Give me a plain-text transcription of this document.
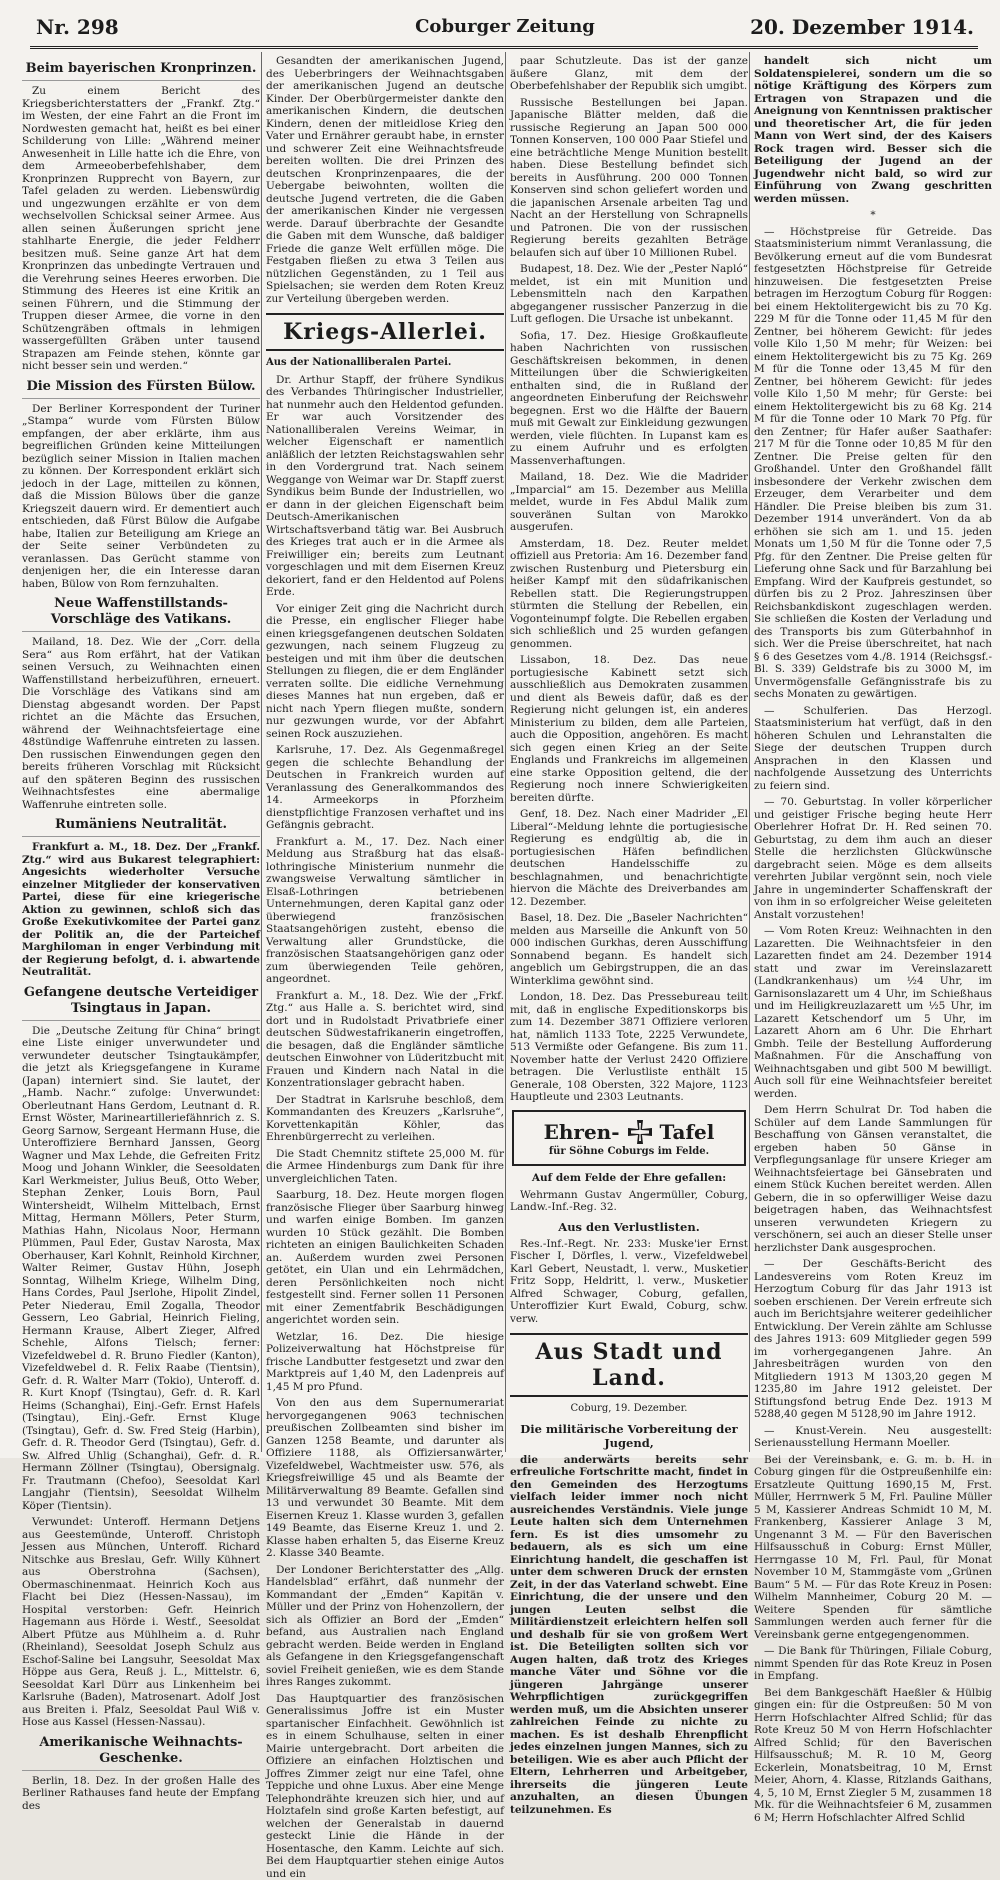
Coburger Zeitung
Nr. 298	20. Dezember 1914.
Beim bayerischen Kronprinzen.

Zu einem Bericht des Kriegsberichterstatters der „Frankf. Ztg.“ im Westen, der eine Fahrt an die Front im Nordwesten gemacht hat, heißt es bei einer Schilderung von Lille: „Während meiner Anwesenheit in Lille hatte ich die Ehre, von dem Armeeoberbefehlshaber, dem Kronprinzen Rupprecht von Bayern, zur Tafel geladen zu werden. Liebenswürdig und ungezwungen erzählte er von dem wechselvollen Schicksal seiner Armee. Aus allen seinen Äußerungen spricht jene stahlharte Energie, die jeder Feldherr besitzen muß. Seine ganze Art hat dem Kronprinzen das unbedingte Vertrauen und die Verehrung seines Heeres erworben. Die Stimmung des Heeres ist eine Kritik an seinen Führern, und die Stimmung der Truppen dieser Armee, die vorne in den Schützengräben oftmals in lehmigen wassergefüllten Gräben unter tausend Strapazen am Feinde stehen, könnte gar nicht besser sein und werden.“

Die Mission des Fürsten Bülow.

Der Berliner Korrespondent der Turiner „Stampa“ wurde vom Fürsten Bülow empfangen, der aber erklärte, ihm aus begreiflichen Gründen keine Mitteilungen bezüglich seiner Mission in Italien machen zu können. Der Korrespondent erklärt sich jedoch in der Lage, mitteilen zu können, daß die Mission Bülows über die ganze Kriegszeit dauern wird. Er dementiert auch entschieden, daß Fürst Bülow die Aufgabe habe, Italien zur Beteiligung am Kriege an der Seite seiner Verbündeten zu veranlassen. Das Gerücht stamme von denjenigen her, die ein Interesse daran haben, Bülow von Rom fernzuhalten.

Neue Waffenstillstands-Vorschläge des Vatikans.

Mailand, 18. Dez. Wie der „Corr. della Sera“ aus Rom erfährt, hat der Vatikan seinen Versuch, zu Weihnachten einen Waffenstillstand herbeizuführen, erneuert. Die Vorschläge des Vatikans sind am Dienstag abgesandt worden. Der Papst richtet an die Mächte das Ersuchen, während der Weihnachtsfeiertage eine 48stündige Waffenruhe eintreten zu lassen. Den russischen Einwendungen gegen den bereits früheren Vorschlag mit Rücksicht auf den späteren Beginn des russischen Weihnachtsfestes eine abermalige Waffenruhe eintreten solle.

Rumäniens Neutralität.

Frankfurt a. M., 18. Dez. Der „Frankf. Ztg.“ wird aus Bukarest telegraphiert: Angesichts wiederholter Versuche einzelner Mitglieder der konservativen Partei, diese für eine kriegerische Aktion zu gewinnen, schloß sich das Große Exekutivkomitee der Partei ganz der Politik an, die der Parteichef Marghiloman in enger Verbindung mit der Regierung befolgt, d. i. abwartende Neutralität.

Gefangene deutsche Verteidiger Tsingtaus in Japan.

Die „Deutsche Zeitung für China“ bringt eine Liste einiger unverwundeter und verwundeter deutscher Tsingtaukämpfer, die jetzt als Kriegsgefangene in Kurame (Japan) interniert sind. Sie lautet, der „Hamb. Nachr.“ zufolge: Unverwundet: Oberleutnant Hans Gerdom, Leutnant d. R. Ernst Wöster, Marineartilleriefähnrich z. S. Georg Sarnow, Sergeant Hermann Huse, die Unteroffiziere Bernhard Janssen, Georg Wagner und Max Lehde, die Gefreiten Fritz Moog und Johann Winkler, die Seesoldaten Karl Werkmeister, Julius Beuß, Otto Weber, Stephan Zenker, Louis Born, Paul Wintersheidt, Wilhelm Mittelbach, Ernst Mittag, Hermann Möllers, Peter Sturm, Mathias Hahn, Nicolaus Noor, Hermann Plümmen, Paul Eder, Gustav Narosta, Max Oberhauser, Karl Kohnlt, Reinhold Kirchner, Walter Reimer, Gustav Hühn, Joseph Sonntag, Wilhelm Kriege, Wilhelm Ding, Hans Cordes, Paul Jserlohe, Hipolit Zindel, Peter Niederau, Emil Zogalla, Theodor Gessern, Leo Gabrial, Heinrich Fieling, Hermann Krause, Albert Zieger, Alfred Schehle, Alfons Tielsch; ferner: Vizefeldwebel d. R. Bruno Fiedler (Kanton), Vizefeldwebel d. R. Felix Raabe (Tientsin), Gefr. d. R. Walter Marr (Tokio), Unteroff. d. R. Kurt Knopf (Tsingtau), Gefr. d. R. Karl Heims (Schanghai), Einj.-Gefr. Ernst Hafels (Tsingtau), Einj.-Gefr. Ernst Kluge (Tsingtau), Gefr. d. Sw. Fred Steig (Harbin), Gefr. d. R. Theodor Gerd (Tsingtau), Gefr. d. Sw. Alfred Uhlig (Schanghai), Gefr. d. R. Hermann Zöllner (Tsingtau), Obersignalg. Fr. Trautmann (Chefoo), Seesoldat Karl Langjahr (Tientsin), Seesoldat Wilhelm Köper (Tientsin).

Verwundet: Unteroff. Hermann Detjens aus Geestemünde, Unteroff. Christoph Jessen aus München, Unteroff. Richard Nitschke aus Breslau, Gefr. Willy Kühnert aus Oberstrohna (Sachsen), Obermaschinenmaat. Heinrich Koch aus Flacht bei Diez (Hessen-Nassau), im Hospital verstorben: Gefr. Heinrich Hagemann aus Hörde i. Westf., Seesoldat Albert Pfütze aus Mühlheim a. d. Ruhr (Rheinland), Seesoldat Joseph Schulz aus Eschof-Saline bei Langsuhr, Seesoldat Max Höppe aus Gera, Reuß j. L., Mittelstr. 6, Seesoldat Karl Dürr aus Linkenheim bei Karlsruhe (Baden), Matrosenart. Adolf Jost aus Breiten i. Pfalz, Seesoldat Paul Wiß v. Hose aus Kassel (Hessen-Nassau).

Amerikanische Weihnachts-Geschenke.

Berlin, 18. Dez. In der großen Halle des Berliner Rathauses fand heute der Empfang des

Gesandten der amerikanischen Jugend, des Ueberbringers der Weihnachtsgaben der amerikanischen Jugend an deutsche Kinder. Der Oberbürgermeister dankte den amerikanischen Kindern, die deutschen Kindern, denen der mitleidlose Krieg den Vater und Ernährer geraubt habe, in ernster und schwerer Zeit eine Weihnachtsfreude bereiten wollten. Die drei Prinzen des deutschen Kronprinzenpaares, die der Uebergabe beiwohnten, wollten die deutsche Jugend vertreten, die die Gaben der amerikanischen Kinder nie vergessen werde. Darauf überbrachte der Gesandte die Gaben mit dem Wunsche, daß baldiger Friede die ganze Welt erfüllen möge. Die Festgaben fließen zu etwa 3 Teilen aus nützlichen Gegenständen, zu 1 Teil aus Spielsachen; sie werden dem Roten Kreuz zur Verteilung übergeben werden.

Kriegs-Allerlei.
Aus der Nationalliberalen Partei.

Dr. Arthur Stapff, der frühere Syndikus des Verbandes Thüringischer Industrieller, hat nunmehr auch den Heldentod gefunden. Er war auch Vorsitzender des Nationalliberalen Vereins Weimar, in welcher Eigenschaft er namentlich anläßlich der letzten Reichstagswahlen sehr in den Vordergrund trat. Nach seinem Weggange von Weimar war Dr. Stapff zuerst Syndikus beim Bunde der Industriellen, wo er dann in der gleichen Eigenschaft beim Deutsch-Amerikanischen Wirtschaftsverband tätig war. Bei Ausbruch des Krieges trat auch er in die Armee als Freiwilliger ein; bereits zum Leutnant vorgeschlagen und mit dem Eisernen Kreuz dekoriert, fand er den Heldentod auf Polens Erde.

Vor einiger Zeit ging die Nachricht durch die Presse, ein englischer Flieger habe einen kriegsgefangenen deutschen Soldaten gezwungen, nach seinem Flugzeug zu besteigen und mit ihm über die deutschen Stellungen zu fliegen, die er dem Engländer verraten sollte. Die eidliche Vernehmung dieses Mannes hat nun ergeben, daß er nicht nach Ypern fliegen mußte, sondern nur gezwungen wurde, vor der Abfahrt seinen Rock auszuziehen.

Karlsruhe, 17. Dez. Als Gegenmaßregel gegen die schlechte Behandlung der Deutschen in Frankreich wurden auf Veranlassung des Generalkommandos des 14. Armeekorps in Pforzheim dienstpflichtige Franzosen verhaftet und ins Gefängnis gebracht.

Frankfurt a. M., 17. Dez. Nach einer Meldung aus Straßburg hat das elsaß-lothringische Ministerium nunmehr die zwangsweise Verwaltung sämtlicher in Elsaß-Lothringen betriebenen Unternehmungen, deren Kapital ganz oder überwiegend französischen Staatsangehörigen zusteht, ebenso die Verwaltung aller Grundstücke, die französischen Staatsangehörigen ganz oder zum überwiegenden Teile gehören, angeordnet.

Frankfurt a. M., 18. Dez. Wie der „Frkf. Ztg.“ aus Halle a. S. berichtet wird, sind dort und in Rudolstadt Privatbriefe einer deutschen Südwestafrikanerin eingetroffen, die besagen, daß die Engländer sämtliche deutschen Einwohner von Lüderitzbucht mit Frauen und Kindern nach Natal in die Konzentrationslager gebracht haben.

Der Stadtrat in Karlsruhe beschloß, dem Kommandanten des Kreuzers „Karlsruhe“, Korvettenkapitän Köhler, das Ehrenbürgerrecht zu verleihen.

Die Stadt Chemnitz stiftete 25,000 M. für die Armee Hindenburgs zum Dank für ihre unvergleichlichen Taten.

Saarburg, 18. Dez. Heute morgen flogen französische Flieger über Saarburg hinweg und warfen einige Bomben. Im ganzen wurden 10 Stück gezählt. Die Bomben richteten an einigen Baulichkeiten Schaden an. Außerdem wurden zwei Personen getötet, ein Ulan und ein Lehrmädchen, deren Persönlichkeiten noch nicht festgestellt sind. Ferner sollen 11 Personen mit einer Zementfabrik Beschädigungen angerichtet worden sein.

Wetzlar, 16. Dez. Die hiesige Polizeiverwaltung hat Höchstpreise für frische Landbutter festgesetzt und zwar den Marktpreis auf 1,40 M, den Ladenpreis auf 1,45 M pro Pfund.

Von den aus dem Supernumerariat hervorgegangenen 9063 technischen preußischen Zollbeamten sind bisher im Ganzen 1258 Beamte, und darunter als Offiziere 1188, als Offiziersanwärter, Vizefeldwebel, Wachtmeister usw. 576, als Kriegsfreiwillige 45 und als Beamte der Militärverwaltung 89 Beamte. Gefallen sind 13 und verwundet 30 Beamte. Mit dem Eisernen Kreuz 1. Klasse wurden 3, gefallen 149 Beamte, das Eiserne Kreuz 1. und 2. Klasse haben erhalten 5, das Eiserne Kreuz 2. Klasse 340 Beamte.

Der Londoner Berichterstatter des „Allg. Handelsblad“ erfährt, daß nunmehr der Kommandant der „Emden“ Kapitän v. Müller und der Prinz von Hohenzollern, der sich als Offizier an Bord der „Emden“ befand, aus Australien nach England gebracht werden. Beide werden in England als Gefangene in den Kriegsgefangenschaft soviel Freiheit genießen, wie es dem Stande ihres Ranges zukommt.

Das Hauptquartier des französischen Generalissimus Joffre ist ein Muster spartanischer Einfachheit. Gewöhnlich ist es in einem Schulhause, selten in einer Mairie untergebracht. Dort arbeiten die Offiziere an einfachen Holztischen und Joffres Zimmer zeigt nur eine Tafel, ohne Teppiche und ohne Luxus. Aber eine Menge Telephondrähte kreuzen sich hier, und auf Holztafeln sind große Karten befestigt, auf welchen der Generalstab in dauernd gesteckt Linie die Hände in der Hosentasche, den Kamm. Leichte auf sich. Bei dem Hauptquartier stehen einige Autos und ein

paar Schutzleute. Das ist der ganze äußere Glanz, mit dem der Oberbefehlshaber der Republik sich umgibt.

Russische Bestellungen bei Japan. Japanische Blätter melden, daß die russische Regierung an Japan 500 000 Tonnen Konserven, 100 000 Paar Stiefel und eine beträchtliche Menge Munition bestellt haben. Diese Bestellung befindet sich bereits in Ausführung. 200 000 Tonnen Konserven sind schon geliefert worden und die japanischen Arsenale arbeiten Tag und Nacht an der Herstellung von Schrapnells und Patronen. Die von der russischen Regierung bereits gezahlten Beträge belaufen sich auf über 10 Millionen Rubel.

Budapest, 18. Dez. Wie der „Pester Napló“ meldet, ist ein mit Munition und Lebensmitteln nach den Karpathen abgegangener russischer Panzerzug in die Luft geflogen. Die Ursache ist unbekannt.

Sofia, 17. Dez. Hiesige Großkaufleute haben Nachrichten von russischen Geschäftskreisen bekommen, in denen Mitteilungen über die Schwierigkeiten enthalten sind, die in Rußland der angeordneten Einberufung der Reichswehr begegnen. Erst wo die Hälfte der Bauern muß mit Gewalt zur Einkleidung gezwungen werden, viele flüchten. In Lupanst kam es zu einem Aufruhr und es erfolgten Massenverhaftungen.

Mailand, 18. Dez. Wie die Madrider „Imparcial“ am 15. Dezember aus Melilla meldet, wurde in Fes Abdul Malik zum souveränen Sultan von Marokko ausgerufen.

Amsterdam, 18. Dez. Reuter meldet offiziell aus Pretoria: Am 16. Dezember fand zwischen Rustenburg und Pietersburg ein heißer Kampf mit den südafrikanischen Rebellen statt. Die Regierungstruppen stürmten die Stellung der Rebellen, ein Vogonteinumpf folgte. Die Rebellen ergaben sich schließlich und 25 wurden gefangen genommen.

Lissabon, 18. Dez. Das neue portugiesische Kabinett setzt sich ausschließlich aus Demokraten zusammen und dient als Beweis dafür, daß es der Regierung nicht gelungen ist, ein anderes Ministerium zu bilden, dem alle Parteien, auch die Opposition, angehören. Es macht sich gegen einen Krieg an der Seite Englands und Frankreichs im allgemeinen eine starke Opposition geltend, die der Regierung noch innere Schwierigkeiten bereiten dürfte.

Genf, 18. Dez. Nach einer Madrider „El Liberal“-Meldung lehnte die portugiesische Regierung es endgültig ab, die in portugiesischen Häfen befindlichen deutschen Handelsschiffe zu beschlagnahmen, und benachrichtigte hiervon die Mächte des Dreiverbandes am 12. Dezember.

Basel, 18. Dez. Die „Baseler Nachrichten“ melden aus Marseille die Ankunft von 50 000 indischen Gurkhas, deren Ausschiffung Sonnabend begann. Es handelt sich angeblich um Gebirgstruppen, die an das Winterklima gewöhnt sind.

London, 18. Dez. Das Pressebureau teilt mit, daß in englische Expeditionskorps bis zum 14. Dezember 3871 Offiziere verloren hat, nämlich 1133 Tote, 2225 Verwundete, 513 Vermißte oder Gefangene. Bis zum 11. November hatte der Verlust 2420 Offiziere betragen. Die Verlustliste enthält 15 Generale, 108 Obersten, 322 Majore, 1123 Hauptleute und 2303 Leutnants.

Ehren- Tafel
für Söhne Coburgs im Felde.

Auf dem Felde der Ehre gefallen:

Wehrmann Gustav Angermüller, Coburg, Landw.-Inf.-Reg. 32.

Aus den Verlustlisten.

Res.-Inf.-Regt. Nr. 233: Muske'ier Ernst Fischer I, Dörfles, l. verw., Vizefeldwebel Karl Gebert, Neustadt, l. verw., Musketier Fritz Sopp, Heldritt, l. verw., Musketier Alfred Schwager, Coburg, gefallen, Unteroffizier Kurt Ewald, Coburg, schw. verw.

Aus Stadt und Land.
Coburg, 19. Dezember.
Die militärische Vorbereitung der Jugend,

die anderwärts bereits sehr erfreuliche Fortschritte macht, findet in den Gemeinden des Herzogtums vielfach leider immer noch nicht ausreichendes Verständnis. Viele junge Leute halten sich dem Unternehmen fern. Es ist dies umsomehr zu bedauern, als es sich um eine Einrichtung handelt, die geschaffen ist unter dem schweren Druck der ernsten Zeit, in der das Vaterland schwebt. Eine Einrichtung, die der unsere und den jungen Leuten selbst die Militärdienstzeit erleichtern helfen soll und deshalb für sie von großem Wert ist. Die Beteiligten sollten sich vor Augen halten, daß trotz des Krieges manche Väter und Söhne vor die jüngeren Jahrgänge unserer Wehrpflichtigen zurückgegriffen werden muß, um die Absichten unserer zahlreichen Feinde zu nichte zu machen. Es ist deshalb Ehrenpflicht jedes einzelnen jungen Mannes, sich zu beteiligen. Wie es aber auch Pflicht der Eltern, Lehrherren und Arbeitgeber, ihrerseits die jüngeren Leute anzuhalten, an diesen Übungen teilzunehmen. Es

handelt sich nicht um Soldatenspielerei, sondern um die so nötige Kräftigung des Körpers zum Ertragen von Strapazen und die Aneignung von Kenntnissen praktischer und theoretischer Art, die für jeden Mann von Wert sind, der des Kaisers Rock tragen wird. Besser sich die Beteiligung der Jugend an der Jugendwehr nicht bald, so wird zur Einführung von Zwang geschritten werden müssen.

*

— Höchstpreise für Getreide. Das Staatsministerium nimmt Veranlassung, die Bevölkerung erneut auf die vom Bundesrat festgesetzten Höchstpreise für Getreide hinzuweisen. Die festgesetzten Preise betragen im Herzogtum Coburg für Roggen: bei einem Hektolitergewicht bis zu 70 Kg. 229 M für die Tonne oder 11,45 M für den Zentner, bei höherem Gewicht: für jedes volle Kilo 1,50 M mehr; für Weizen: bei einem Hektolitergewicht bis zu 75 Kg. 269 M für die Tonne oder 13,45 M für den Zentner, bei höherem Gewicht: für jedes volle Kilo 1,50 M mehr; für Gerste: bei einem Hektolitergewicht bis zu 68 Kg. 214 M für die Tonne oder 10 Mark 70 Pfg. für den Zentner; für Hafer außer Saathafer: 217 M für die Tonne oder 10,85 M für den Zentner. Die Preise gelten für den Großhandel. Unter den Großhandel fällt insbesondere der Verkehr zwischen dem Erzeuger, dem Verarbeiter und dem Händler. Die Preise bleiben bis zum 31. Dezember 1914 unverändert. Von da ab erhöhen sie sich am 1. und 15. jeden Monats um 1,50 M für die Tonne oder 7,5 Pfg. für den Zentner. Die Preise gelten für Lieferung ohne Sack und für Barzahlung bei Empfang. Wird der Kaufpreis gestundet, so dürfen bis zu 2 Proz. Jahreszinsen über Reichsbankdiskont zugeschlagen werden. Sie schließen die Kosten der Verladung und des Transports bis zum Güterbahnhof in sich. Wer die Preise überschreitet, hat nach § 6 des Gesetzes vom 4./8. 1914 (Reichsgsf.-Bl. S. 339) Geldstrafe bis zu 3000 M, im Unvermögensfalle Gefängnisstrafe bis zu sechs Monaten zu gewärtigen.

— Schulferien. Das Herzogl. Staatsministerium hat verfügt, daß in den höheren Schulen und Lehranstalten die Siege der deutschen Truppen durch Ansprachen in den Klassen und nachfolgende Aussetzung des Unterrichts zu feiern sind.

— 70. Geburtstag. In voller körperlicher und geistiger Frische beging heute Herr Oberlehrer Hofrat Dr. H. Red seinen 70. Geburtstag, zu dem ihm auch an dieser Stelle die herzlichsten Glückwünsche dargebracht seien. Möge es dem allseits verehrten Jubilar vergönnt sein, noch viele Jahre in ungeminderter Schaffenskraft der von ihm in so erfolgreicher Weise geleiteten Anstalt vorzustehen!

— Vom Roten Kreuz: Weihnachten in den Lazaretten. Die Weihnachtsfeier in den Lazaretten findet am 24. Dezember 1914 statt und zwar im Vereinslazarett (Landkrankenhaus) um ½4 Uhr, im Garnisonslazarett um 4 Uhr, im Schießhaus und im Heiligkreuzlazarett um ½5 Uhr, im Lazarett Ketschendorf um 5 Uhr, im Lazarett Ahorn am 6 Uhr. Die Ehrhart Gmbh. Teile der Bestellung Aufforderung Maßnahmen. Für die Anschaffung von Weihnachtsgaben und gibt 500 M bewilligt. Auch soll für eine Weihnachtsfeier bereitet werden.

Dem Herrn Schulrat Dr. Tod haben die Schüler auf dem Lande Sammlungen für Beschaffung von Gänsen veranstaltet, die ergeben haben 50 Gänse in Verpflegungsanlage für unsere Krieger am Weihnachtsfeiertage bei Gänsebraten und einem Stück Kuchen bereitet werden. Allen Gebern, die in so opferwilliger Weise dazu beigetragen haben, das Weihnachtsfest unseren verwundeten Kriegern zu verschönern, sei auch an dieser Stelle unser herzlichster Dank ausgesprochen.

— Der Geschäfts-Bericht des Landesvereins vom Roten Kreuz im Herzogtum Coburg für das Jahr 1913 ist soeben erschienen. Der Verein erfreute sich auch im Berichtsjahre weiterer gedeihlicher Entwicklung. Der Verein zählte am Schlusse des Jahres 1913: 609 Mitglieder gegen 599 im vorhergegangenen Jahre. An Jahresbeiträgen wurden von den Mitgliedern 1913 M 1303,20 gegen M 1235,80 im Jahre 1912 geleistet. Der Stiftungsfond betrug Ende Dez. 1913 M 5288,40 gegen M 5128,90 im Jahre 1912.

— Knust-Verein. Neu ausgestellt: Serienausstellung Hermann Moeller.

Bei der Vereinsbank, e. G. m. b. H. in Coburg gingen für die Ostpreußenhilfe ein: Ersatzleute Quittung 1690,15 M, Frst. Müller, Herrnwerk 5 M, Frl. Pauline Müller 5 M, Kassierer Andreas Schmidt 10 M, M. Frankenberg, Kassierer Anlage 3 M, Ungenannt 3 M. — Für den Baverischen Hilfsausschuß in Coburg: Ernst Müller, Herrngasse 10 M, Frl. Paul, für Monat November 10 M, Stammgäste vom „Grünen Baum“ 5 M. — Für das Rote Kreuz in Posen: Wilhelm Mannheimer, Coburg 20 M. — Weitere Spenden für sämtliche Sammlungen werden auch ferner für die Vereinsbank gerne entgegengenommen.

— Die Bank für Thüringen, Filiale Coburg, nimmt Spenden für das Rote Kreuz in Posen in Empfang.

Bei dem Bankgeschäft Haeßler & Hülbig gingen ein: für die Ostpreußen: 50 M von Herrn Hofschlachter Alfred Schlid; für das Rote Kreuz 50 M von Herrn Hofschlachter Alfred Schlid; für den Baverischen Hilfsausschuß; M. R. 10 M, Georg Eckerlein, Monatsbeitrag, 10 M, Ernst Meier, Ahorn, 4. Klasse, Ritzlands Gaithans, 4, 5, 10 M, Ernst Ziegler 5 M, zusammen 18 Mk. für die Weihnachtsfeier 6 M, zusammen 6 M; Herrn Hofschlachter Alfred Schlid
